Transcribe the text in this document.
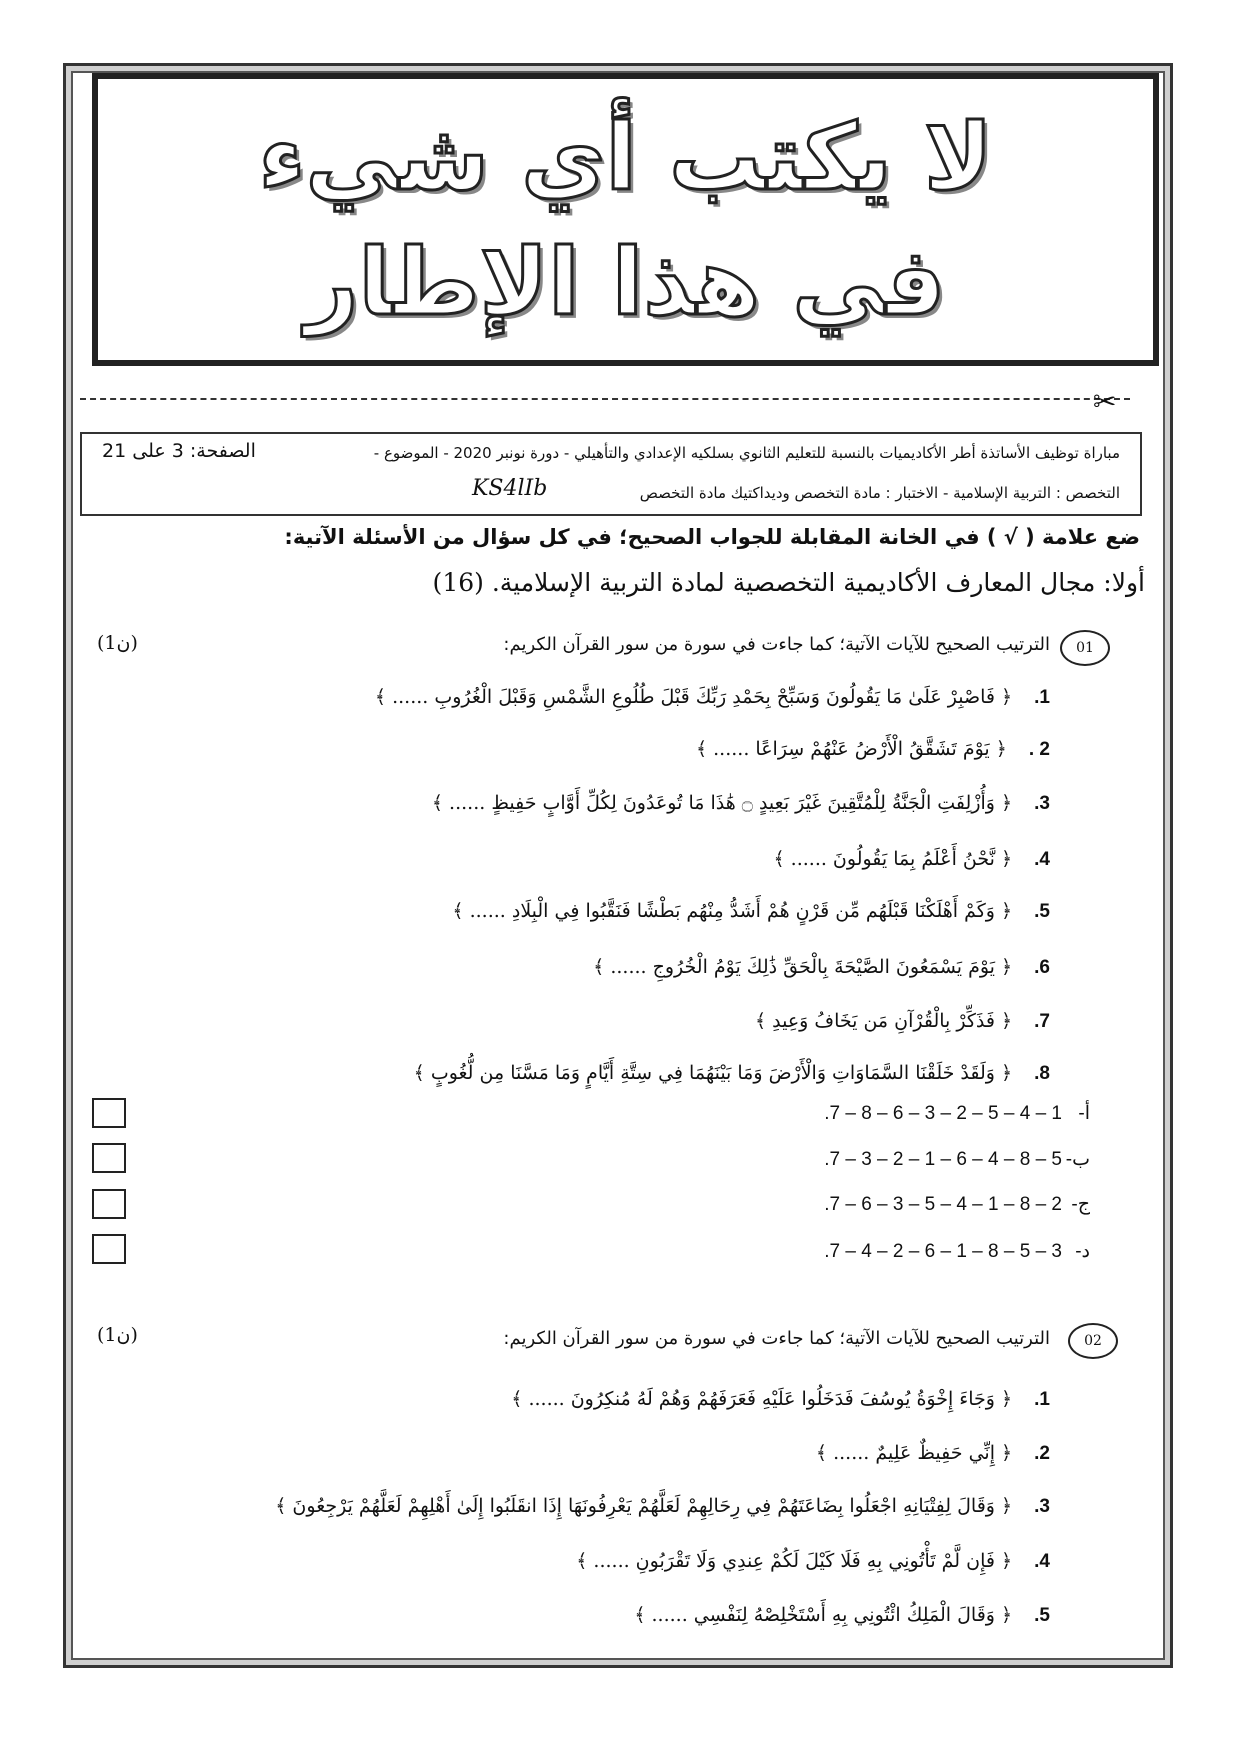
لا يكتب أي شيء
في هذا الإطار
✂
مباراة توظيف الأساتذة أطر الأكاديميات بالنسبة للتعليم الثانوي بسلكيه الإعدادي والتأهيلي - دورة نونبر 2020 - الموضوع -
الصفحة: 3 على 21
التخصص : التربية الإسلامية - الاختبار : مادة التخصص وديداكتيك مادة التخصص
KS4lIb
ضع علامة ( √ ) في الخانة المقابلة للجواب الصحيح؛ في كل سؤال من الأسئلة الآتية:
أولا: مجال المعارف الأكاديمية التخصصية لمادة التربية الإسلامية. (16)
01
الترتيب الصحيح للآيات الآتية؛ كما جاءت في سورة من سور القرآن الكريم:
(1ن)
1.﴿ فَاصْبِرْ عَلَىٰ مَا يَقُولُونَ وَسَبِّحْ بِحَمْدِ رَبِّكَ قَبْلَ طُلُوعِ الشَّمْسِ وَقَبْلَ الْغُرُوبِ ...... ﴾
2 .﴿ يَوْمَ تَشَقَّقُ الْأَرْضُ عَنْهُمْ سِرَاعًا ...... ﴾
3.﴿ وَأُزْلِفَتِ الْجَنَّةُ لِلْمُتَّقِينَ غَيْرَ بَعِيدٍ ۝ هَٰذَا مَا تُوعَدُونَ لِكُلِّ أَوَّابٍ حَفِيظٍ ...... ﴾
4.﴿ نَّحْنُ أَعْلَمُ بِمَا يَقُولُونَ ...... ﴾
5.﴿ وَكَمْ أَهْلَكْنَا قَبْلَهُم مِّن قَرْنٍ هُمْ أَشَدُّ مِنْهُم بَطْشًا فَنَقَّبُوا فِي الْبِلَادِ ...... ﴾
6.﴿ يَوْمَ يَسْمَعُونَ الصَّيْحَةَ بِالْحَقِّ ذَٰلِكَ يَوْمُ الْخُرُوجِ ...... ﴾
7.﴿ فَذَكِّرْ بِالْقُرْآنِ مَن يَخَافُ وَعِيدِ ﴾
8.﴿ وَلَقَدْ خَلَقْنَا السَّمَاوَاتِ وَالْأَرْضَ وَمَا بَيْنَهُمَا فِي سِتَّةِ أَيَّامٍ وَمَا مَسَّنَا مِن لُّغُوبٍ ﴾
أ-1 – 4 – 5 – 2 – 3 – 6 – 8 – 7.
ب-5 – 8 – 4 – 6 – 1 – 2 – 3 – 7.
ج-2 – 8 – 1 – 4 – 5 – 3 – 6 – 7.
د-3 – 5 – 8 – 1 – 6 – 2 – 4 – 7.
02
الترتيب الصحيح للآيات الآتية؛ كما جاءت في سورة من سور القرآن الكريم:
(1ن)
1.﴿ وَجَاءَ إِخْوَةُ يُوسُفَ فَدَخَلُوا عَلَيْهِ فَعَرَفَهُمْ وَهُمْ لَهُ مُنكِرُونَ ...... ﴾
2.﴿ إِنِّي حَفِيظٌ عَلِيمٌ ...... ﴾
3.﴿ وَقَالَ لِفِتْيَانِهِ اجْعَلُوا بِضَاعَتَهُمْ فِي رِحَالِهِمْ لَعَلَّهُمْ يَعْرِفُونَهَا إِذَا انقَلَبُوا إِلَىٰ أَهْلِهِمْ لَعَلَّهُمْ يَرْجِعُونَ ﴾
4.﴿ فَإِن لَّمْ تَأْتُونِي بِهِ فَلَا كَيْلَ لَكُمْ عِندِي وَلَا تَقْرَبُونِ ...... ﴾
5.﴿ وَقَالَ الْمَلِكُ ائْتُونِي بِهِ أَسْتَخْلِصْهُ لِنَفْسِي ...... ﴾
